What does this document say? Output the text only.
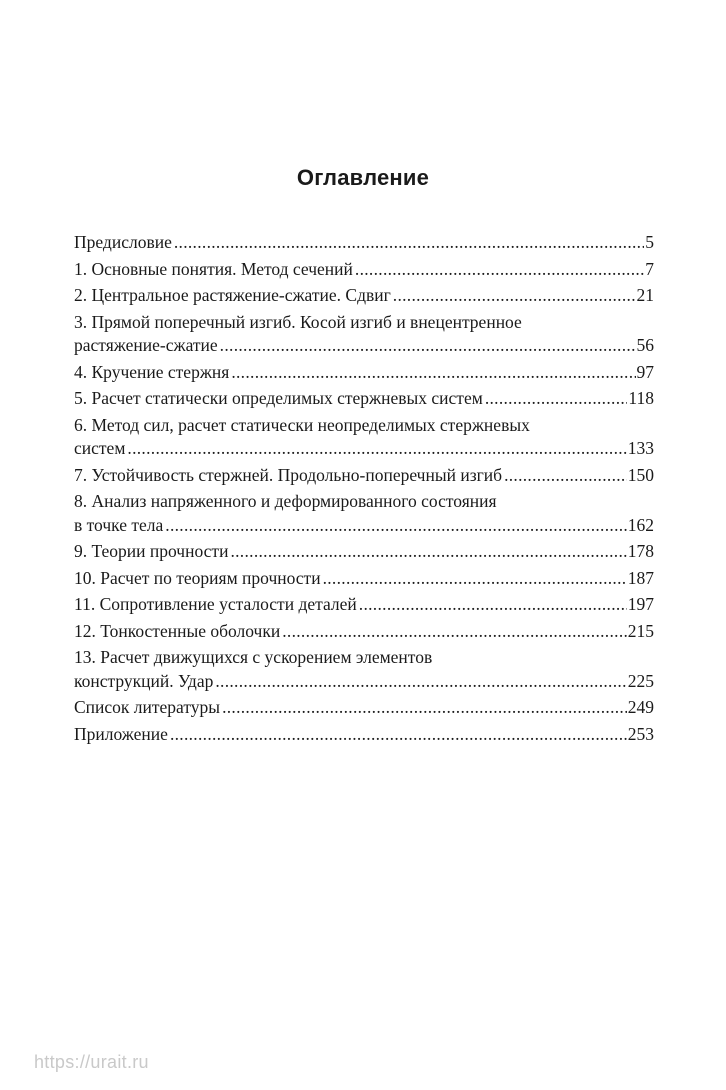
Оглавление
Предисловие .....	5
1. Основные понятия. Метод сечений .....	7
2. Центральное растяжение-сжатие. Сдвиг .....	21
3. Прямой поперечный изгиб. Косой изгиб и внецентренное
растяжение-сжатие .....	56
4. Кручение стержня .....	97
5. Расчет статически определимых стержневых систем .....	118
6. Метод сил, расчет статически неопределимых стержневых
систем .....	133
7. Устойчивость стержней. Продольно-поперечный изгиб .....	150
8. Анализ напряженного и деформированного состояния
в точке тела .....	162
9. Теории прочности .....	178
10. Расчет по теориям прочности .....	187
11. Сопротивление усталости деталей .....	197
12. Тонкостенные оболочки .....	215
13. Расчет движущихся с ускорением элементов
конструкций. Удар .....	225
Список литературы .....	249
Приложение .....	253
https://urait.ru
